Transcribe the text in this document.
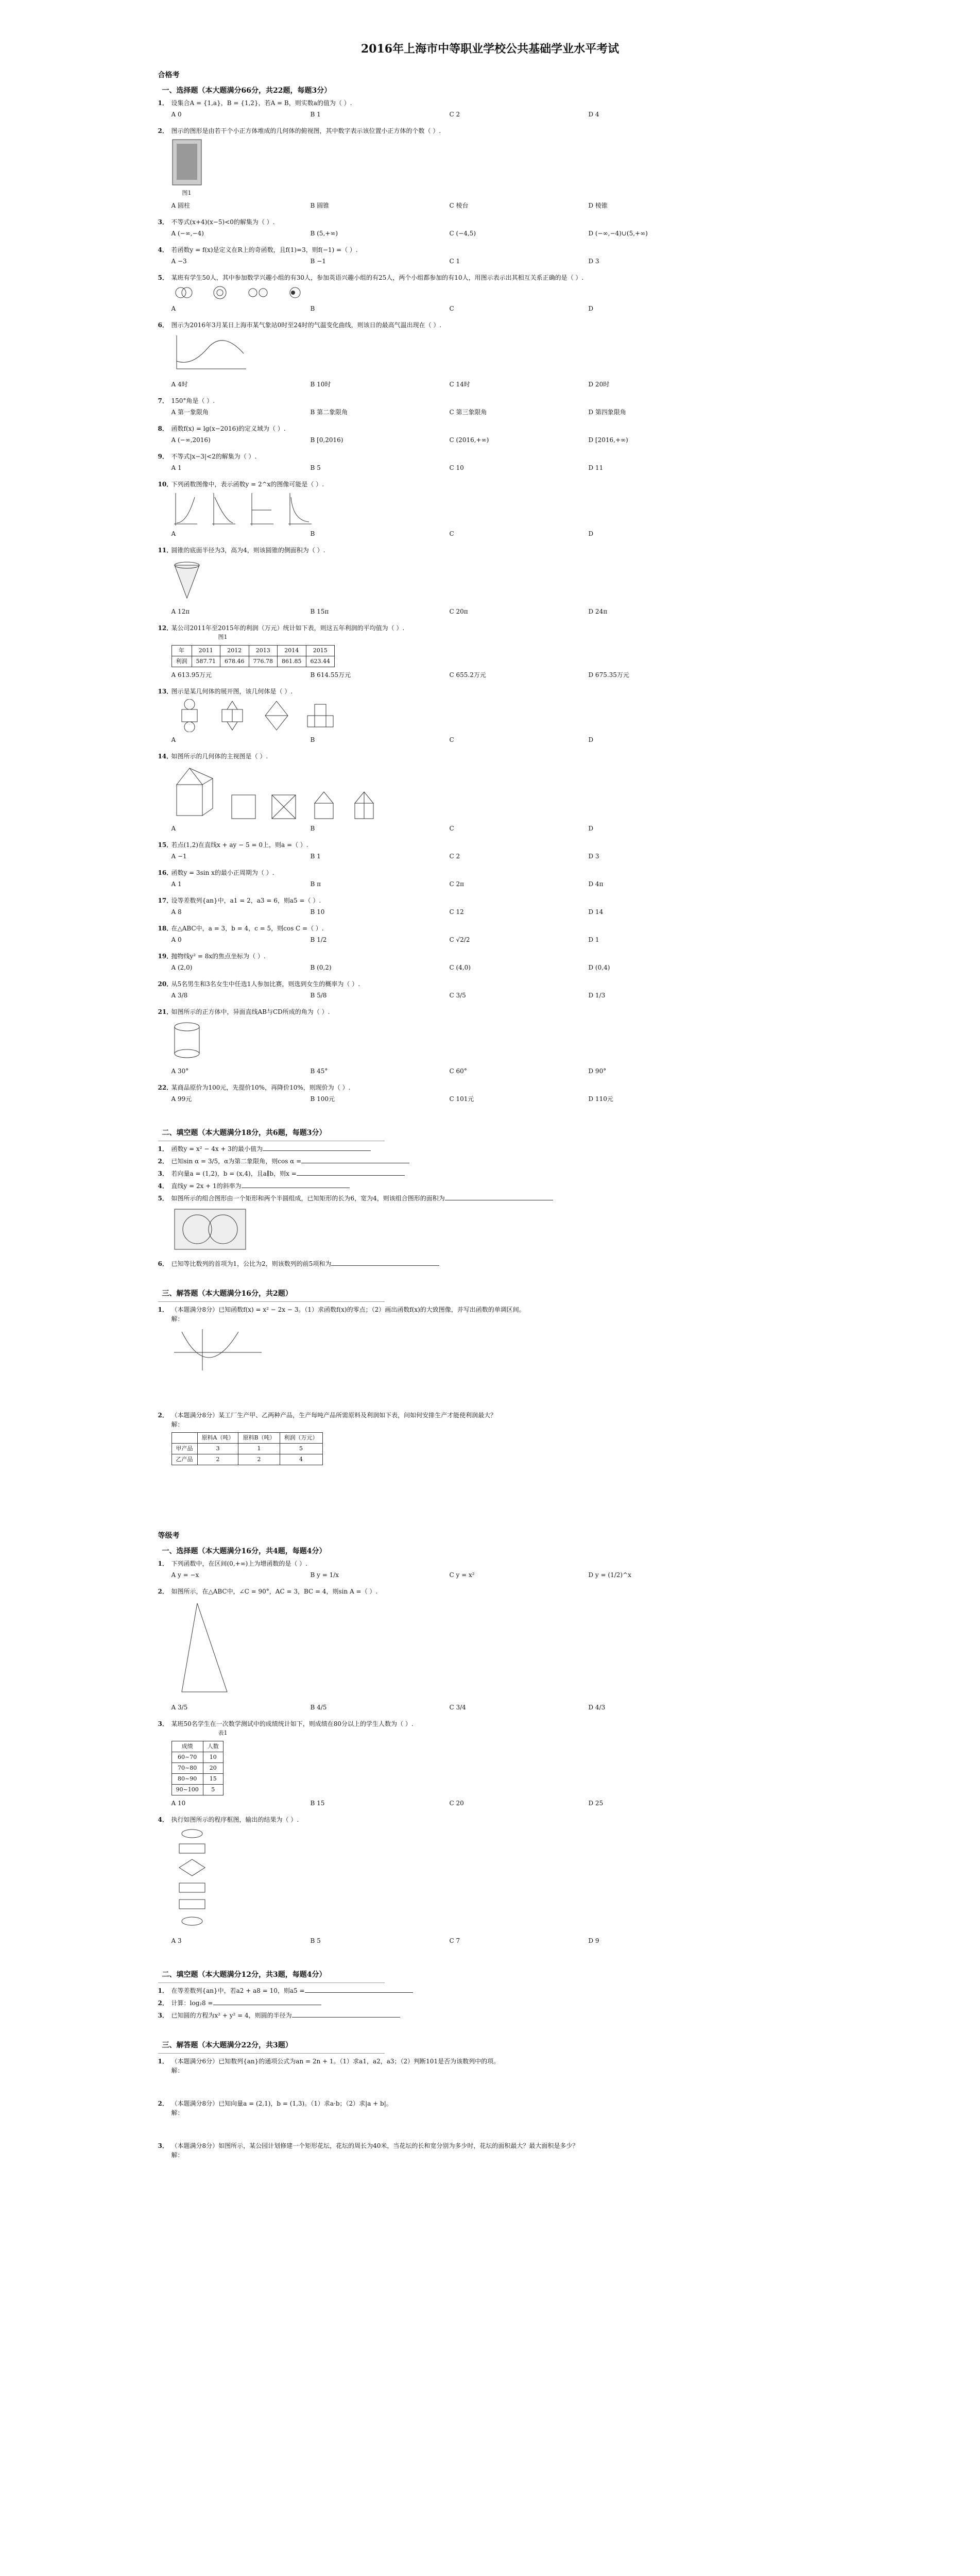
2016年上海市中等职业学校公共基础学业水平考试
合格考
一、选择题（本大题满分66分，共22题，每题3分）
1． 设集合A = {1,a}，B = {1,2}，若A = B，则实数a的值为（ ）.
A 0	B 1	C 2	D 4
2． 图示的图形是由若干个小正方体堆成的几何体的俯视图，其中数字表示该位置小正方体的个数（ ）.
图1
A 圆柱	B 圆锥	C 棱台	D 棱锥
3． 不等式(x+4)(x−5)<0的解集为（ ）.
A (−∞,−4)	B (5,+∞)	C (−4,5)	D (−∞,−4)∪(5,+∞)
4． 若函数y = f(x)是定义在R上的奇函数，且f(1)=3，则f(−1) =（ ）.
A −3	B −1	C 1	D 3
5． 某班有学生50人，其中参加数学兴趣小组的有30人，参加英语兴趣小组的有25人，两个小组都参加的有10人，用图示表示出其相互关系正确的是（ ）.
A	B	C	D
6． 图示为2016年3月某日上海市某气象站0时至24时的气温变化曲线，则该日的最高气温出现在（ ）.
A 4时	B 10时	C 14时	D 20时
7． 150°角是（ ）.
A 第一象限角	B 第二象限角	C 第三象限角	D 第四象限角
8． 函数f(x) = lg(x−2016)的定义域为（ ）.
A (−∞,2016)	B [0,2016)	C (2016,+∞)	D [2016,+∞)
9． 不等式|x−3|<2的解集为（ ）.
A 1	B 5	C 10	D 11
10．
下列函数图像中，表示函数y = 2^x的图像可能是（ ）.
A	B	C	D
11．
圆锥的底面半径为3，高为4，则该圆锥的侧面积为（ ）.
A 12π	B 15π	C 20π	D 24π
12．
某公司2011年至2015年的利润（万元）统计如下表，则这五年利润的平均值为（ ）.
图1
年	2011	2012	2013	2014	2015
利润	587.71	678.46	776.78	861.85	623.44
A 613.95万元	B 614.55万元	C 655.2万元	D 675.35万元
13．
图示是某几何体的展开图，该几何体是（ ）.
A	B	C	D
14．
如图所示的几何体的主视图是（ ）.
A	B	C	D
15．
若点(1,2)在直线x + ay − 5 = 0上，则a =（ ）.
A −1	B 1	C 2	D 3
16．
函数y = 3sin x的最小正周期为（ ）.
A 1	B π	C 2π	D 4π
17．
设等差数列{an}中，a1 = 2，a3 = 6，则a5 =（ ）.
A 8	B 10	C 12	D 14
18．
在△ABC中，a = 3，b = 4，c = 5，则cos C =（ ）.
A 0	B 1/2	C √2/2	D 1
19．
抛物线y² = 8x的焦点坐标为（ ）.
A (2,0)	B (0,2)	C (4,0)	D (0,4)
20．
从5名男生和3名女生中任选1人参加比赛，则选到女生的概率为（ ）.
A 3/8	B 5/8	C 3/5	D 1/3
21．
如图所示的正方体中，异面直线AB与CD所成的角为（ ）.
A 30°	B 45°	C 60°	D 90°
22．
某商品原价为100元，先提价10%，再降价10%，则现价为（ ）.
A 99元	B 100元	C 101元	D 110元
二、填空题（本大题满分18分，共6题，每题3分）
1． 函数y = x² − 4x + 3的最小值为
2． 已知sin α = 3/5，α为第二象限角，则cos α =
3． 若向量a = (1,2)，b = (x,4)，且a∥b，则x =
4． 直线y = 2x + 1的斜率为
5． 如图所示的组合图形由一个矩形和两个半圆组成，已知矩形的长为6，宽为4，则该组合图形的面积为
6． 已知等比数列的首项为1，公比为2，则该数列的前5项和为
三、解答题（本大题满分16分，共2题）
1． （本题满分8分）已知函数f(x) = x² − 2x − 3。（1）求函数f(x)的零点；（2）画出函数f(x)的大致图像，并写出函数的单调区间。
解：
2． （本题满分8分）某工厂生产甲、乙两种产品，生产每吨产品所需原料及利润如下表，问如何安排生产才能使利润最大？
解：
	原料A（吨）	原料B（吨）	利润（万元）
甲产品	3	1	5
乙产品	2	2	4
等级考
一、选择题（本大题满分16分，共4题，每题4分）
1． 下列函数中，在区间(0,+∞)上为增函数的是（ ）.
A y = −x	B y = 1/x	C y = x²	D y = (1/2)^x
2． 如图所示，在△ABC中，∠C = 90°，AC = 3，BC = 4，则sin A =（ ）.
A 3/5	B 4/5	C 3/4	D 4/3
3． 某班50名学生在一次数学测试中的成绩统计如下，则成绩在80分以上的学生人数为（ ）.
表1
成绩	人数
60~70	10
70~80	20
80~90	15
90~100	5
A 10	B 15	C 20	D 25
4． 执行如图所示的程序框图，输出的结果为（ ）.
A 3	B 5	C 7	D 9
二、填空题（本大题满分12分，共3题，每题4分）
1． 在等差数列{an}中，若a2 + a8 = 10，则a5 =
2． 计算：log₂8 =
3． 已知圆的方程为x² + y² = 4，则圆的半径为
三、解答题（本大题满分22分，共3题）
1． （本题满分6分）已知数列{an}的通项公式为an = 2n + 1。（1）求a1，a2，a3；（2）判断101是否为该数列中的项。
解：
2． （本题满分8分）已知向量a = (2,1)，b = (1,3)。（1）求a·b；（2）求|a + b|。
解：
3． （本题满分8分）如图所示，某公园计划修建一个矩形花坛，花坛的周长为40米，当花坛的长和宽分别为多少时，花坛的面积最大？最大面积是多少？
解：
